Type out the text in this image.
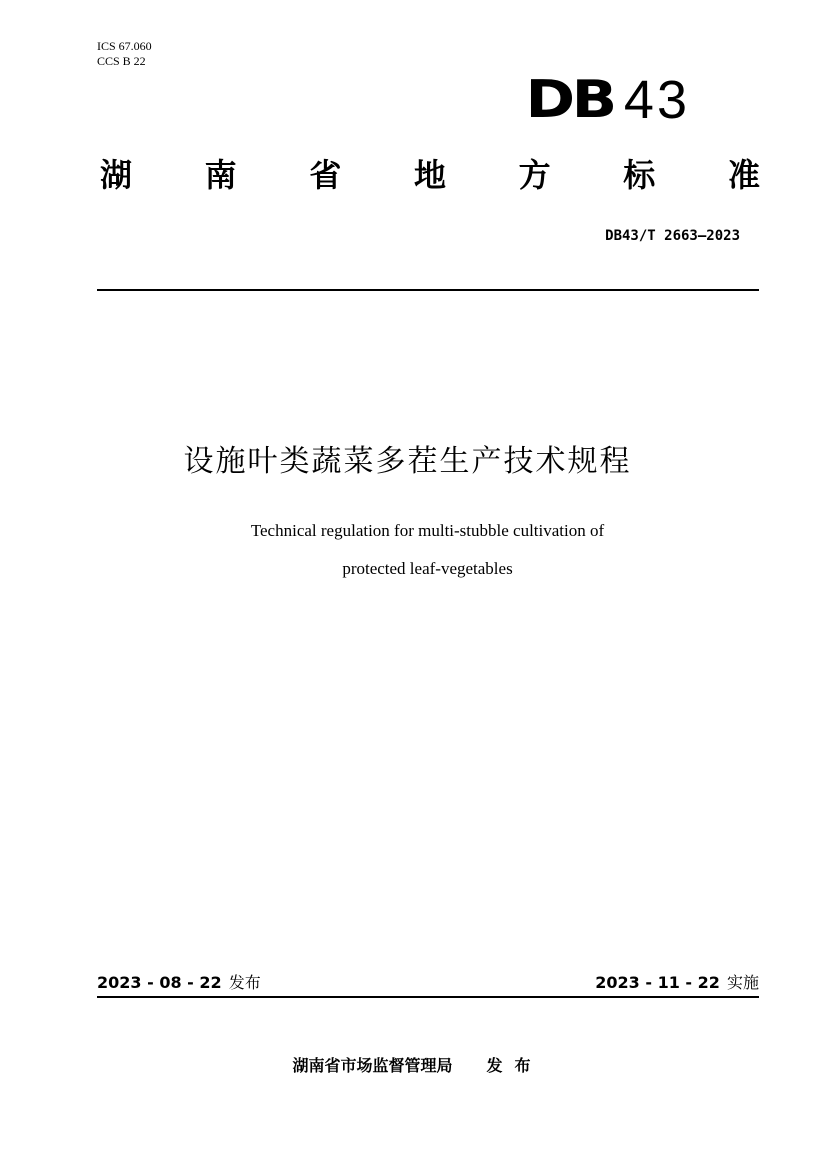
ICS 67.060
CCS B 22
DB 43
湖 南 省 地 方 标 准
DB43/T 2663—2023
设施叶类蔬菜多茬生产技术规程
Technical regulation for multi-stubble cultivation of
protected leaf-vegetables
2023 - 08 - 22 发布	2023 - 11 - 22 实施
湖南省市场监督管理局 发布
